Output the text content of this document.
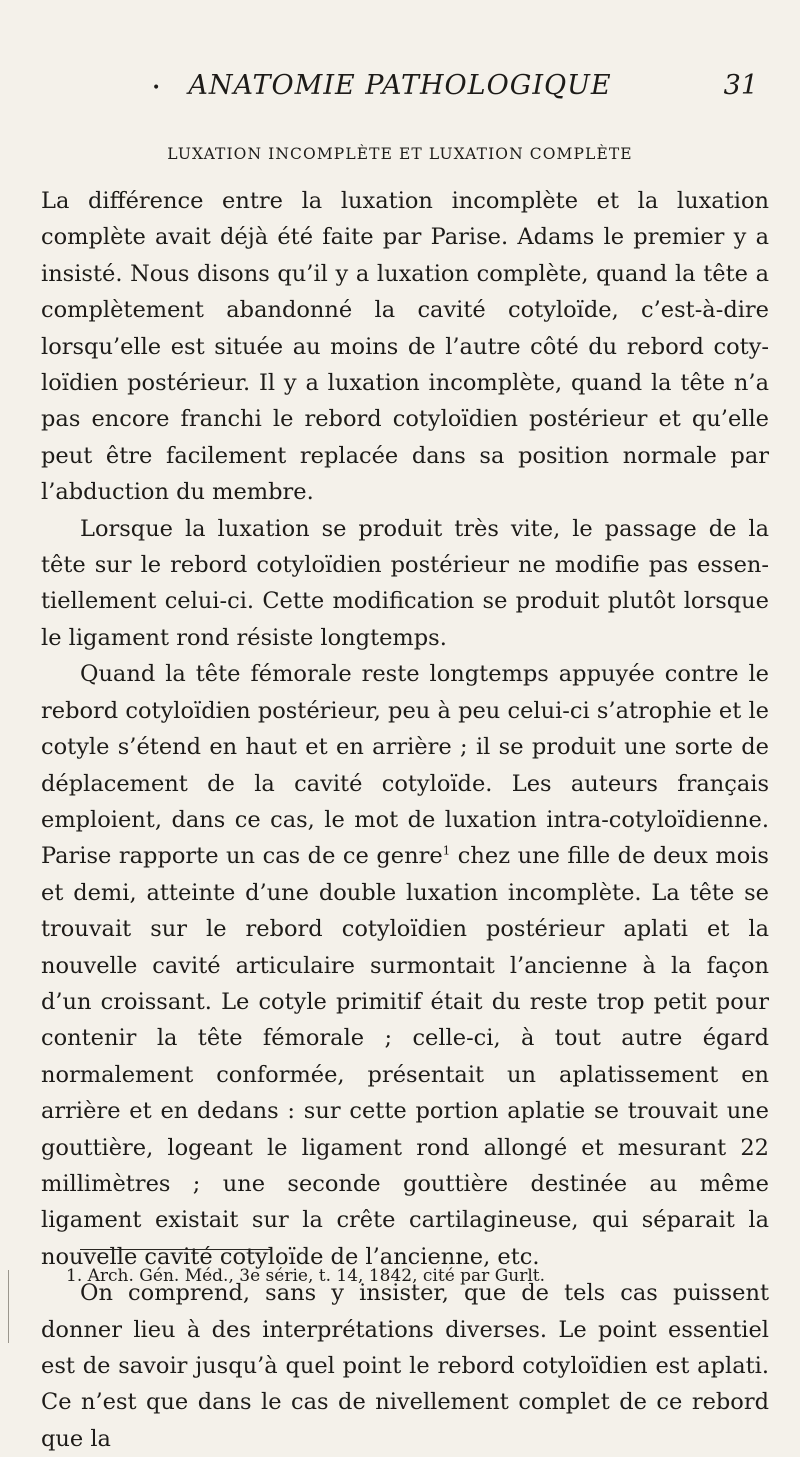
•	ANATOMIE PATHOLOGIQUE	31
LUXATION INCOMPLÈTE ET LUXATION COMPLÈTE

La différence entre la luxation incomplète et la luxation complète avait déjà été faite par Parise. Adams le premier y a insisté. Nous disons qu’il y a luxation complète, quand la tête a complètement abandonné la cavité cotyloïde, c’est-à-dire lorsqu’elle est située au moins de l’autre côté du rebord cotyloïdien postérieur. Il y a luxation incomplète, quand la tête n’a pas encore franchi le rebord cotyloïdien postérieur et qu’elle peut être facilement replacée dans sa position normale par l’abduction du membre.

Lorsque la luxation se produit très vite, le passage de la tête sur le rebord cotyloïdien postérieur ne modifie pas essentiellement celui-ci. Cette modification se produit plutôt lorsque le ligament rond résiste longtemps.

Quand la tête fémorale reste longtemps appuyée contre le rebord cotyloïdien postérieur, peu à peu celui-ci s’atrophie et le cotyle s’étend en haut et en arrière ; il se produit une sorte de déplacement de la cavité cotyloïde. Les auteurs français emploient, dans ce cas, le mot de luxation intra-cotyloïdienne. Parise rapporte un cas de ce genre$^1$ chez une fille de deux mois et demi, atteinte d’une double luxation incomplète. La tête se trouvait sur le rebord cotyloïdien postérieur aplati et la nouvelle cavité articulaire surmontait l’ancienne à la façon d’un croissant. Le cotyle primitif était du reste trop petit pour contenir la tête fémorale ; celle-ci, à tout autre égard normalement conformée, présentait un aplatissement en arrière et en dedans : sur cette portion aplatie se trouvait une gouttière, logeant le ligament rond allongé et mesurant 22 millimètres ; une seconde gouttière destinée au même ligament existait sur la crête cartilagineuse, qui séparait la nouvelle cavité cotyloïde de l’ancienne, etc.

On comprend, sans y insister, que de tels cas puissent donner lieu à des interprétations diverses. Le point essentiel est de savoir jusqu’à quel point le rebord cotyloïdien est aplati. Ce n’est que dans le cas de nivellement complet de ce rebord que la

1. Arch. Gén. Méd., 3e série, t. 14, 1842, cité par Gurlt.
